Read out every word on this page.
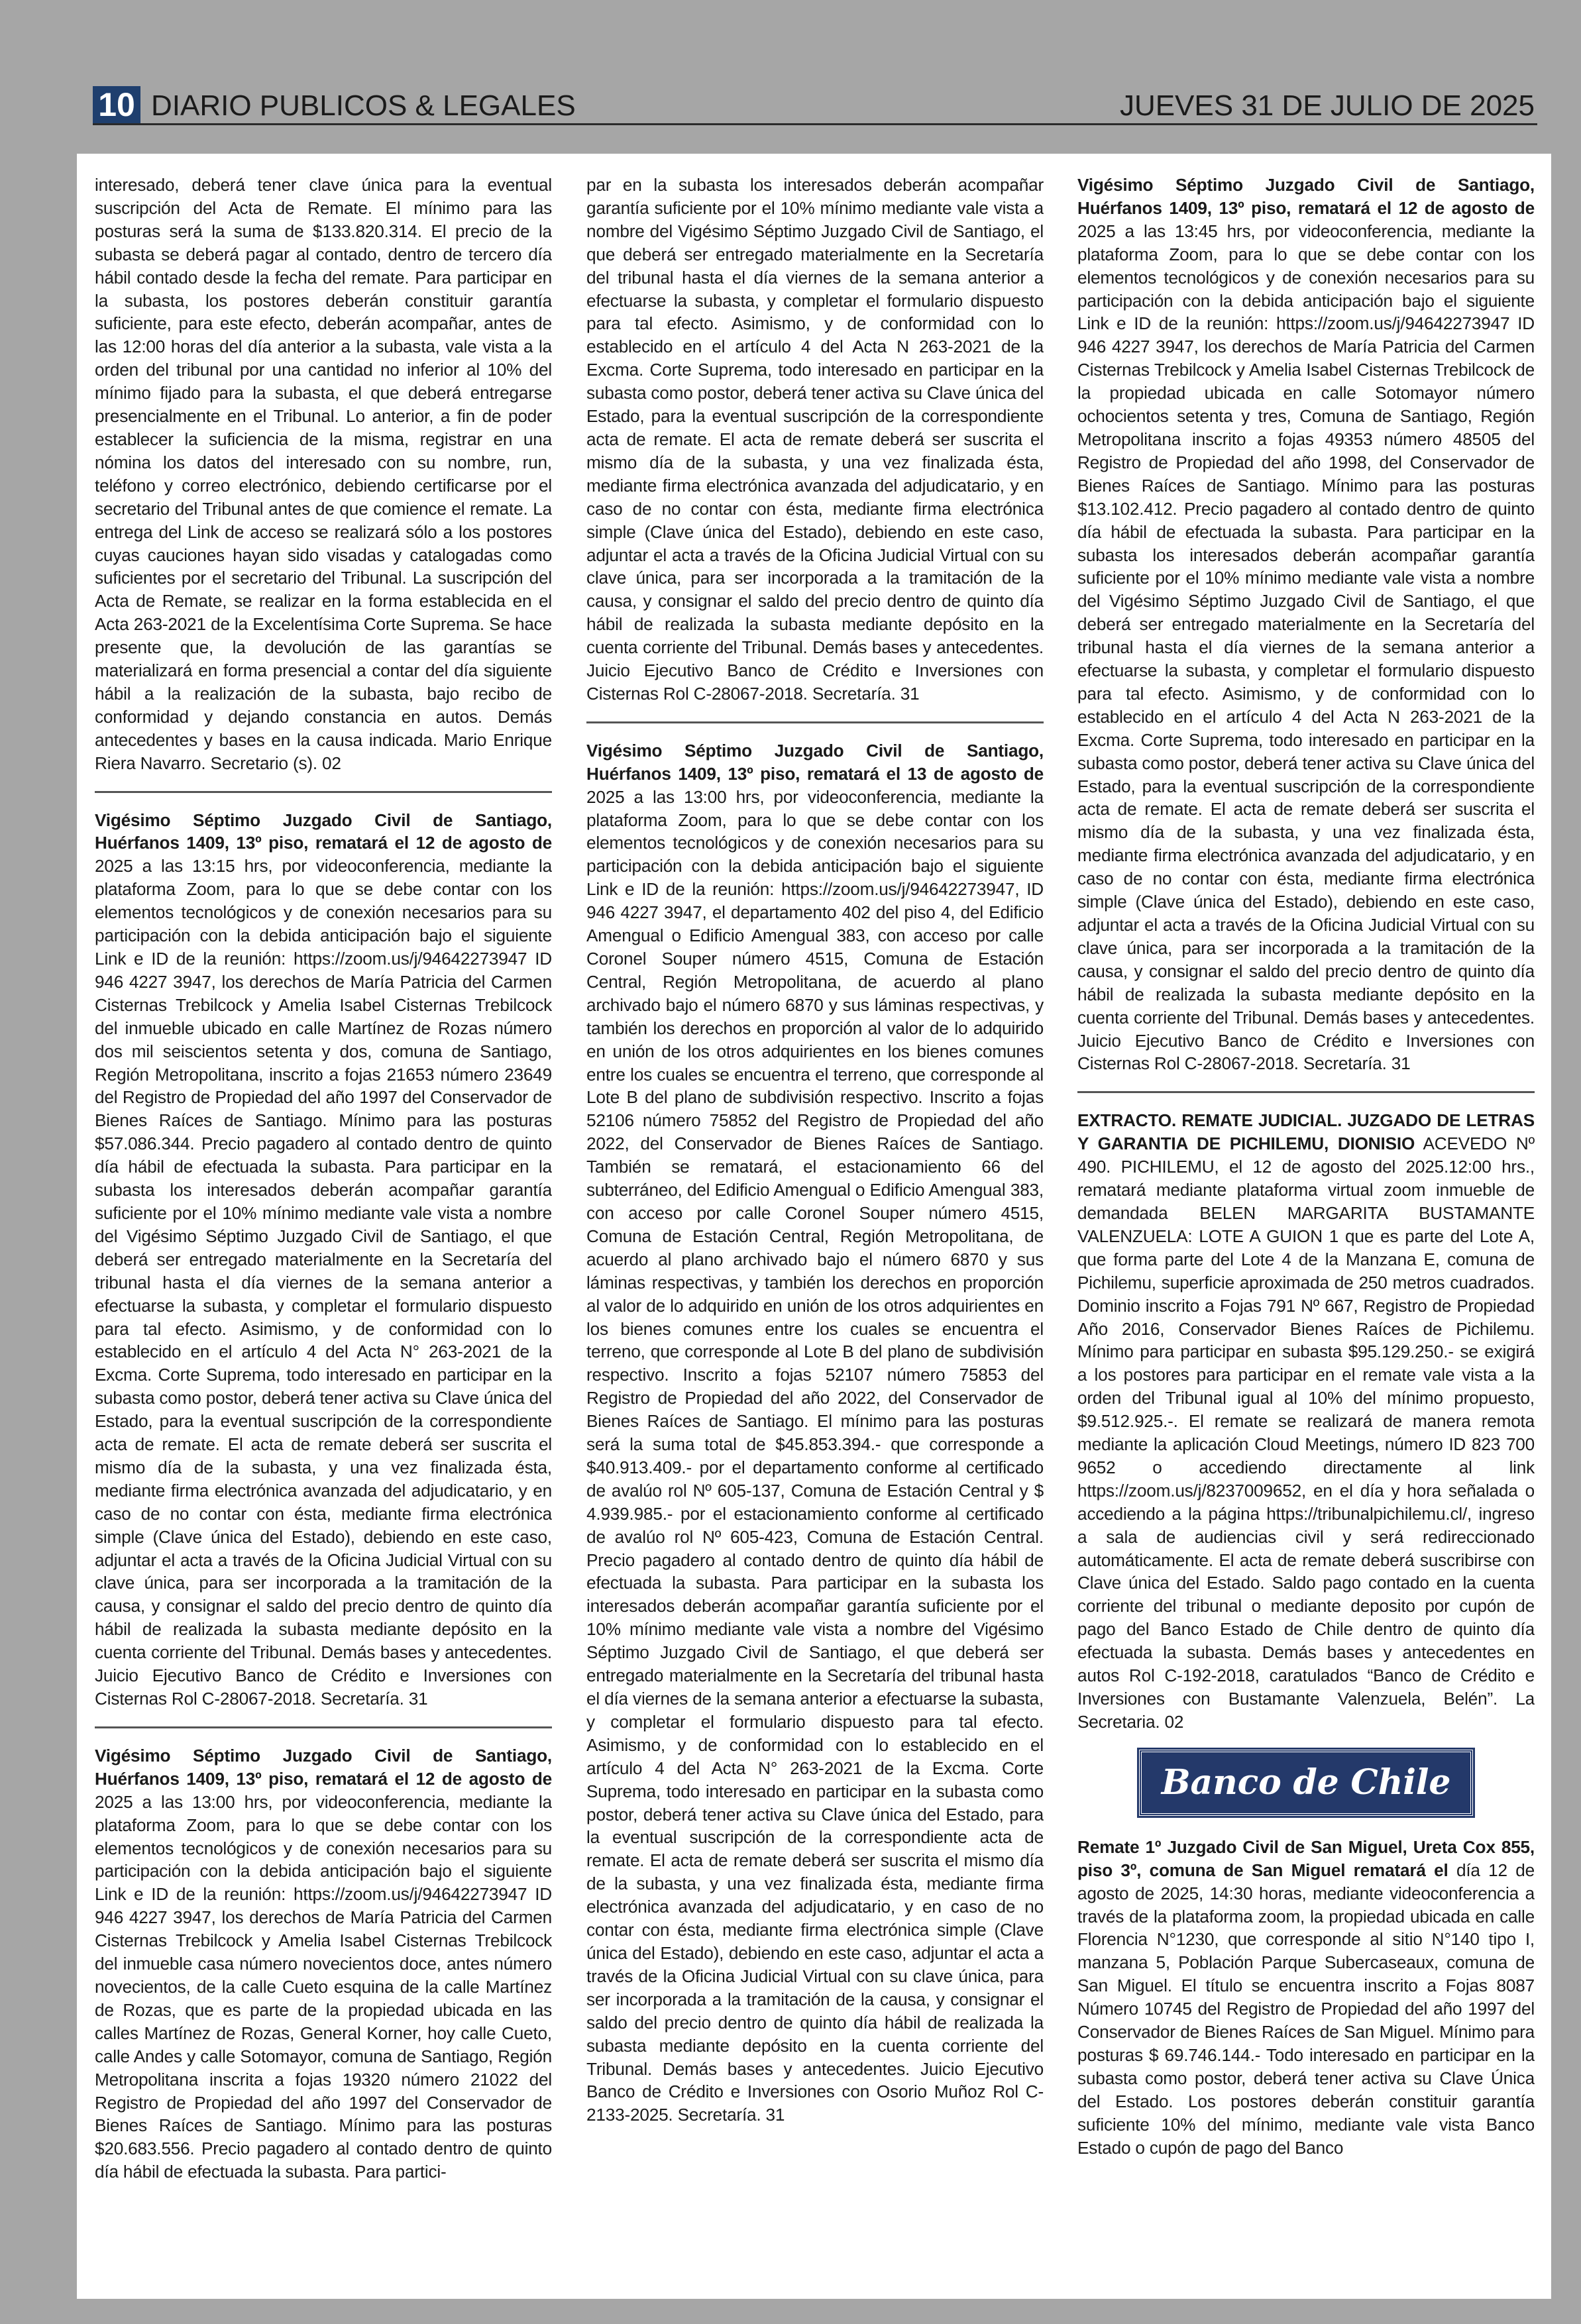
10 DIARIO PUBLICOS & LEGALES	JUEVES 31 DE JULIO DE 2025

interesado, deberá tener clave única para la eventual suscripción del Acta de Remate. El mínimo para las posturas será la suma de $133.820.314. El precio de la subasta se deberá pagar al contado, dentro de tercero día hábil contado desde la fecha del remate. Para participar en la subasta, los postores deberán constituir garantía suficiente, para este efecto, deberán acompañar, antes de las 12:00 horas del día anterior a la subasta, vale vista a la orden del tribunal por una cantidad no inferior al 10% del mínimo fijado para la subasta, el que deberá entregarse presencialmente en el Tribunal. Lo anterior, a fin de poder establecer la suficiencia de la misma, registrar en una nómina los datos del interesado con su nombre, run, teléfono y correo electrónico, debiendo certificarse por el secretario del Tribunal antes de que comience el remate. La entrega del Link de acceso se realizará sólo a los postores cuyas cauciones hayan sido visadas y catalogadas como suficientes por el secretario del Tribunal. La suscripción del Acta de Remate, se realizar en la forma establecida en el Acta 263-2021 de la Excelentísima Corte Suprema. Se hace presente que, la devolución de las garantías se materializará en forma presencial a contar del día siguiente hábil a la realización de la subasta, bajo recibo de conformidad y dejando constancia en autos. Demás antecedentes y bases en la causa indicada. Mario Enrique Riera Navarro. Secretario (s). 02

Vigésimo Séptimo Juzgado Civil de Santiago, Huérfanos 1409, 13º piso, rematará el 12 de agosto de 2025 a las 13:15 hrs, por videoconferencia, mediante la plataforma Zoom, para lo que se debe contar con los elementos tecnológicos y de conexión necesarios para su participación con la debida anticipación bajo el siguiente Link e ID de la reunión: https://zoom.us/j/94642273947 ID 946 4227 3947, los derechos de María Patricia del Carmen Cisternas Trebilcock y Amelia Isabel Cisternas Trebilcock del inmueble ubicado en calle Martínez de Rozas número dos mil seiscientos setenta y dos, comuna de Santiago, Región Metropolitana, inscrito a fojas 21653 número 23649 del Registro de Propiedad del año 1997 del Conservador de Bienes Raíces de Santiago. Mínimo para las posturas $57.086.344. Precio pagadero al contado dentro de quinto día hábil de efectuada la subasta. Para participar en la subasta los interesados deberán acompañar garantía suficiente por el 10% mínimo mediante vale vista a nombre del Vigésimo Séptimo Juzgado Civil de Santiago, el que deberá ser entregado materialmente en la Secretaría del tribunal hasta el día viernes de la semana anterior a efectuarse la subasta, y completar el formulario dispuesto para tal efecto. Asimismo, y de conformidad con lo establecido en el artículo 4 del Acta N° 263-2021 de la Excma. Corte Suprema, todo interesado en participar en la subasta como postor, deberá tener activa su Clave única del Estado, para la eventual suscripción de la correspondiente acta de remate. El acta de remate deberá ser suscrita el mismo día de la subasta, y una vez finalizada ésta, mediante firma electrónica avanzada del adjudicatario, y en caso de no contar con ésta, mediante firma electrónica simple (Clave única del Estado), debiendo en este caso, adjuntar el acta a través de la Oficina Judicial Virtual con su clave única, para ser incorporada a la tramitación de la causa, y consignar el saldo del precio dentro de quinto día hábil de realizada la subasta mediante depósito en la cuenta corriente del Tribunal. Demás bases y antecedentes. Juicio Ejecutivo Banco de Crédito e Inversiones con Cisternas Rol C-28067-2018. Secretaría. 31

Vigésimo Séptimo Juzgado Civil de Santiago, Huérfanos 1409, 13º piso, rematará el 12 de agosto de 2025 a las 13:00 hrs, por videoconferencia, mediante la plataforma Zoom, para lo que se debe contar con los elementos tecnológicos y de conexión necesarios para su participación con la debida anticipación bajo el siguiente Link e ID de la reunión: https://zoom.us/j/94642273947 ID 946 4227 3947, los derechos de María Patricia del Carmen Cisternas Trebilcock y Amelia Isabel Cisternas Trebilcock del inmueble casa número novecientos doce, antes número novecientos, de la calle Cueto esquina de la calle Martínez de Rozas, que es parte de la propiedad ubicada en las calles Martínez de Rozas, General Korner, hoy calle Cueto, calle Andes y calle Sotomayor, comuna de Santiago, Región Metropolitana inscrita a fojas 19320 número 21022 del Registro de Propiedad del año 1997 del Conservador de Bienes Raíces de Santiago. Mínimo para las posturas $20.683.556. Precio pagadero al contado dentro de quinto día hábil de efectuada la subasta. Para partici-

par en la subasta los interesados deberán acompañar garantía suficiente por el 10% mínimo mediante vale vista a nombre del Vigésimo Séptimo Juzgado Civil de Santiago, el que deberá ser entregado materialmente en la Secretaría del tribunal hasta el día viernes de la semana anterior a efectuarse la subasta, y completar el formulario dispuesto para tal efecto. Asimismo, y de conformidad con lo establecido en el artículo 4 del Acta N 263-2021 de la Excma. Corte Suprema, todo interesado en participar en la subasta como postor, deberá tener activa su Clave única del Estado, para la eventual suscripción de la correspondiente acta de remate. El acta de remate deberá ser suscrita el mismo día de la subasta, y una vez finalizada ésta, mediante firma electrónica avanzada del adjudicatario, y en caso de no contar con ésta, mediante firma electrónica simple (Clave única del Estado), debiendo en este caso, adjuntar el acta a través de la Oficina Judicial Virtual con su clave única, para ser incorporada a la tramitación de la causa, y consignar el saldo del precio dentro de quinto día hábil de realizada la subasta mediante depósito en la cuenta corriente del Tribunal. Demás bases y antecedentes. Juicio Ejecutivo Banco de Crédito e Inversiones con Cisternas Rol C-28067-2018. Secretaría. 31

Vigésimo Séptimo Juzgado Civil de Santiago, Huérfanos 1409, 13º piso, rematará el 13 de agosto de 2025 a las 13:00 hrs, por videoconferencia, mediante la plataforma Zoom, para lo que se debe contar con los elementos tecnológicos y de conexión necesarios para su participación con la debida anticipación bajo el siguiente Link e ID de la reunión: https://zoom.us/j/94642273947, ID 946 4227 3947, el departamento 402 del piso 4, del Edificio Amengual o Edificio Amengual 383, con acceso por calle Coronel Souper número 4515, Comuna de Estación Central, Región Metropolitana, de acuerdo al plano archivado bajo el número 6870 y sus láminas respectivas, y también los derechos en proporción al valor de lo adquirido en unión de los otros adquirientes en los bienes comunes entre los cuales se encuentra el terreno, que corresponde al Lote B del plano de subdivisión respectivo. Inscrito a fojas 52106 número 75852 del Registro de Propiedad del año 2022, del Conservador de Bienes Raíces de Santiago. También se rematará, el estacionamiento 66 del subterráneo, del Edificio Amengual o Edificio Amengual 383, con acceso por calle Coronel Souper número 4515, Comuna de Estación Central, Región Metropolitana, de acuerdo al plano archivado bajo el número 6870 y sus láminas respectivas, y también los derechos en proporción al valor de lo adquirido en unión de los otros adquirientes en los bienes comunes entre los cuales se encuentra el terreno, que corresponde al Lote B del plano de subdivisión respectivo. Inscrito a fojas 52107 número 75853 del Registro de Propiedad del año 2022, del Conservador de Bienes Raíces de Santiago. El mínimo para las posturas será la suma total de $45.853.394.- que corresponde a $40.913.409.- por el departamento conforme al certificado de avalúo rol Nº 605-137, Comuna de Estación Central y $ 4.939.985.- por el estacionamiento conforme al certificado de avalúo rol Nº 605-423, Comuna de Estación Central. Precio pagadero al contado dentro de quinto día hábil de efectuada la subasta. Para participar en la subasta los interesados deberán acompañar garantía suficiente por el 10% mínimo mediante vale vista a nombre del Vigésimo Séptimo Juzgado Civil de Santiago, el que deberá ser entregado materialmente en la Secretaría del tribunal hasta el día viernes de la semana anterior a efectuarse la subasta, y completar el formulario dispuesto para tal efecto. Asimismo, y de conformidad con lo establecido en el artículo 4 del Acta N° 263-2021 de la Excma. Corte Suprema, todo interesado en participar en la subasta como postor, deberá tener activa su Clave única del Estado, para la eventual suscripción de la correspondiente acta de remate. El acta de remate deberá ser suscrita el mismo día de la subasta, y una vez finalizada ésta, mediante firma electrónica avanzada del adjudicatario, y en caso de no contar con ésta, mediante firma electrónica simple (Clave única del Estado), debiendo en este caso, adjuntar el acta a través de la Oficina Judicial Virtual con su clave única, para ser incorporada a la tramitación de la causa, y consignar el saldo del precio dentro de quinto día hábil de realizada la subasta mediante depósito en la cuenta corriente del Tribunal. Demás bases y antecedentes. Juicio Ejecutivo Banco de Crédito e Inversiones con Osorio Muñoz Rol C-2133-2025. Secretaría. 31

Vigésimo Séptimo Juzgado Civil de Santiago, Huérfanos 1409, 13º piso, rematará el 12 de agosto de 2025 a las 13:45 hrs, por videoconferencia, mediante la plataforma Zoom, para lo que se debe contar con los elementos tecnológicos y de conexión necesarios para su participación con la debida anticipación bajo el siguiente Link e ID de la reunión: https://zoom.us/j/94642273947 ID 946 4227 3947, los derechos de María Patricia del Carmen Cisternas Trebilcock y Amelia Isabel Cisternas Trebilcock de la propiedad ubicada en calle Sotomayor número ochocientos setenta y tres, Comuna de Santiago, Región Metropolitana inscrito a fojas 49353 número 48505 del Registro de Propiedad del año 1998, del Conservador de Bienes Raíces de Santiago. Mínimo para las posturas $13.102.412. Precio pagadero al contado dentro de quinto día hábil de efectuada la subasta. Para participar en la subasta los interesados deberán acompañar garantía suficiente por el 10% mínimo mediante vale vista a nombre del Vigésimo Séptimo Juzgado Civil de Santiago, el que deberá ser entregado materialmente en la Secretaría del tribunal hasta el día viernes de la semana anterior a efectuarse la subasta, y completar el formulario dispuesto para tal efecto. Asimismo, y de conformidad con lo establecido en el artículo 4 del Acta N 263-2021 de la Excma. Corte Suprema, todo interesado en participar en la subasta como postor, deberá tener activa su Clave única del Estado, para la eventual suscripción de la correspondiente acta de remate. El acta de remate deberá ser suscrita el mismo día de la subasta, y una vez finalizada ésta, mediante firma electrónica avanzada del adjudicatario, y en caso de no contar con ésta, mediante firma electrónica simple (Clave única del Estado), debiendo en este caso, adjuntar el acta a través de la Oficina Judicial Virtual con su clave única, para ser incorporada a la tramitación de la causa, y consignar el saldo del precio dentro de quinto día hábil de realizada la subasta mediante depósito en la cuenta corriente del Tribunal. Demás bases y antecedentes. Juicio Ejecutivo Banco de Crédito e Inversiones con Cisternas Rol C-28067-2018. Secretaría. 31

EXTRACTO. REMATE JUDICIAL. JUZGADO DE LETRAS Y GARANTIA DE PICHILEMU, DIONISIO ACEVEDO Nº 490. PICHILEMU, el 12 de agosto del 2025.12:00 hrs., rematará mediante plataforma virtual zoom inmueble de demandada BELEN MARGARITA BUSTAMANTE VALENZUELA: LOTE A GUION 1 que es parte del Lote A, que forma parte del Lote 4 de la Manzana E, comuna de Pichilemu, superficie aproximada de 250 metros cuadrados. Dominio inscrito a Fojas 791 Nº 667, Registro de Propiedad Año 2016, Conservador Bienes Raíces de Pichilemu. Mínimo para participar en subasta $95.129.250.- se exigirá a los postores para participar en el remate vale vista a la orden del Tribunal igual al 10% del mínimo propuesto, $9.512.925.-. El remate se realizará de manera remota mediante la aplicación Cloud Meetings, número ID 823 700 9652 o accediendo directamente al link https://zoom.us/j/8237009652, en el día y hora señalada o accediendo a la página https://tribunalpichilemu.cl/, ingreso a sala de audiencias civil y será redireccionado automáticamente. El acta de remate deberá suscribirse con Clave única del Estado. Saldo pago contado en la cuenta corriente del tribunal o mediante deposito por cupón de pago del Banco Estado de Chile dentro de quinto día efectuada la subasta. Demás bases y antecedentes en autos Rol C-192-2018, caratulados “Banco de Crédito e Inversiones con Bustamante Valenzuela, Belén”. La Secretaria. 02

Banco de Chile

Remate 1º Juzgado Civil de San Miguel, Ureta Cox 855, piso 3º, comuna de San Miguel rematará el día 12 de agosto de 2025, 14:30 horas, mediante videoconferencia a través de la plataforma zoom, la propiedad ubicada en calle Florencia N°1230, que corresponde al sitio N°140 tipo I, manzana 5, Población Parque Subercaseaux, comuna de San Miguel. El título se encuentra inscrito a Fojas 8087 Número 10745 del Registro de Propiedad del año 1997 del Conservador de Bienes Raíces de San Miguel. Mínimo para posturas $ 69.746.144.- Todo interesado en participar en la subasta como postor, deberá tener activa su Clave Única del Estado. Los postores deberán constituir garantía suficiente 10% del mínimo, mediante vale vista Banco Estado o cupón de pago del Banco
